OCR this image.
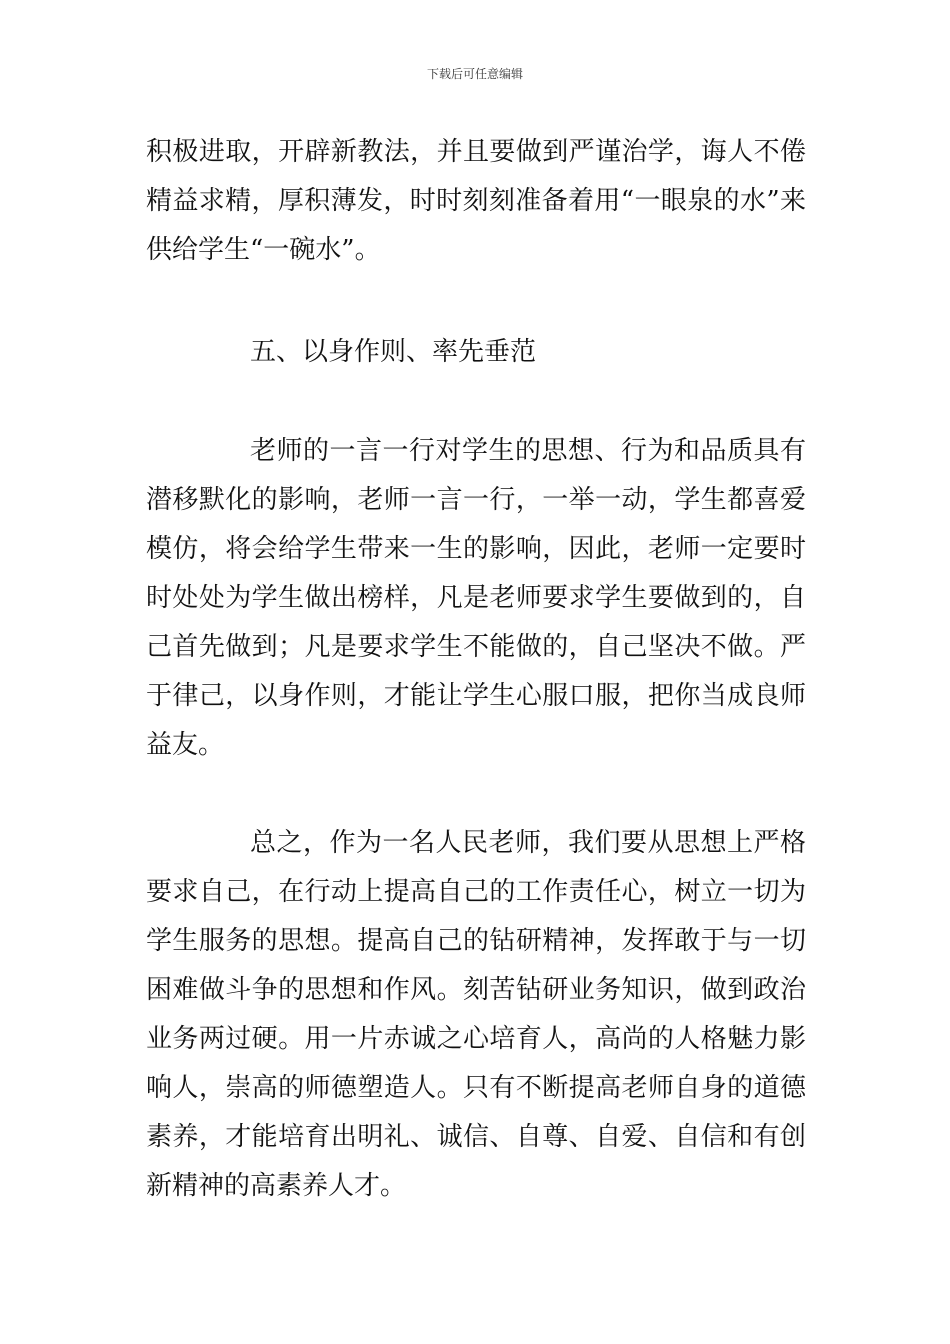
下载后可任意编辑

积极进取，开辟新教法，并且要做到严谨治学，诲人不倦精益求精，厚积薄发，时时刻刻准备着用“一眼泉的水”来供给学生“一碗水”。

五、以身作则、率先垂范

老师的一言一行对学生的思想、行为和品质具有潜移默化的影响，老师一言一行，一举一动，学生都喜爱模仿，将会给学生带来一生的影响，因此，老师一定要时时处处为学生做出榜样，凡是老师要求学生要做到的，自己首先做到；凡是要求学生不能做的，自己坚决不做。严于律己，以身作则，才能让学生心服口服，把你当成良师益友。

总之，作为一名人民老师，我们要从思想上严格要求自己，在行动上提高自己的工作责任心，树立一切为学生服务的思想。提高自己的钻研精神，发挥敢于与一切困难做斗争的思想和作风。刻苦钻研业务知识，做到政治业务两过硬。用一片赤诚之心培育人，高尚的人格魅力影响人，崇高的师德塑造人。只有不断提高老师自身的道德素养，才能培育出明礼、诚信、自尊、自爱、自信和有创新精神的高素养人才。
